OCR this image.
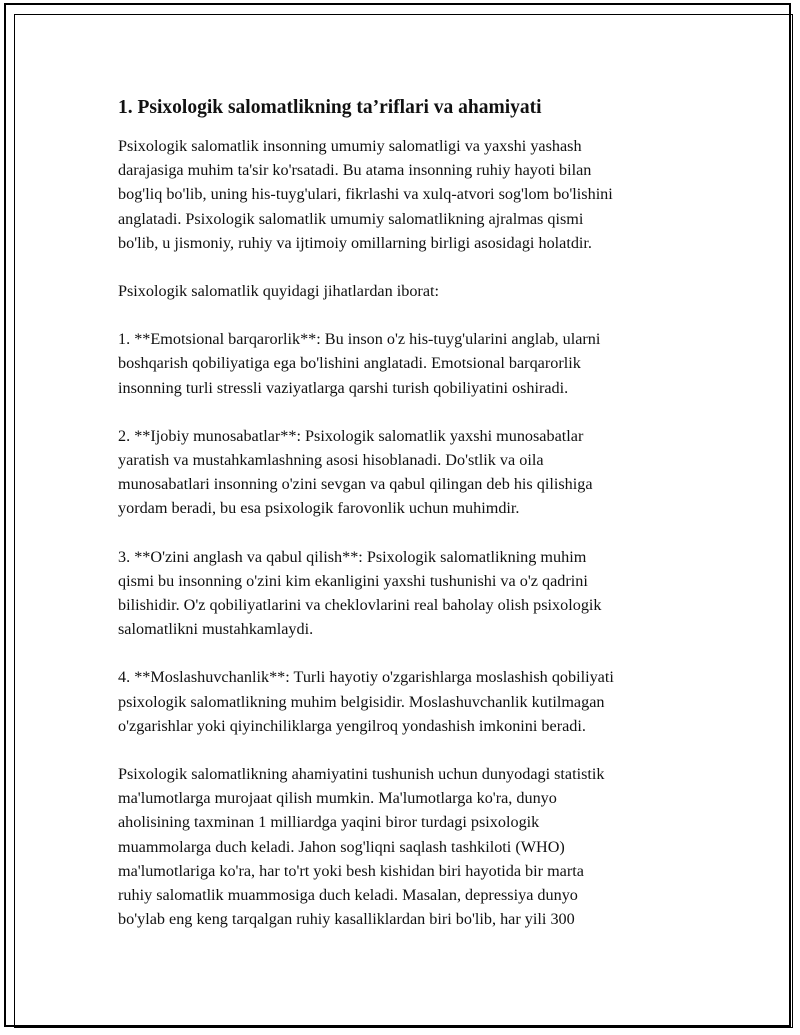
1. Psixologik salomatlikning ta’riflari va ahamiyati
Psixologik salomatlik insonning umumiy salomatligi va yaxshi yashash
darajasiga muhim ta'sir ko'rsatadi. Bu atama insonning ruhiy hayoti bilan
bog'liq bo'lib, uning his-tuyg'ulari, fikrlashi va xulq-atvori sog'lom bo'lishini
anglatadi. Psixologik salomatlik umumiy salomatlikning ajralmas qismi
bo'lib, u jismoniy, ruhiy va ijtimoiy omillarning birligi asosidagi holatdir.
Psixologik salomatlik quyidagi jihatlardan iborat:
1. **Emotsional barqarorlik**: Bu inson o'z his-tuyg'ularini anglab, ularni
boshqarish qobiliyatiga ega bo'lishini anglatadi. Emotsional barqarorlik
insonning turli stressli vaziyatlarga qarshi turish qobiliyatini oshiradi.
2. **Ijobiy munosabatlar**: Psixologik salomatlik yaxshi munosabatlar
yaratish va mustahkamlashning asosi hisoblanadi. Do'stlik va oila
munosabatlari insonning o'zini sevgan va qabul qilingan deb his qilishiga
yordam beradi, bu esa psixologik farovonlik uchun muhimdir.
3. **O'zini anglash va qabul qilish**: Psixologik salomatlikning muhim
qismi bu insonning o'zini kim ekanligini yaxshi tushunishi va o'z qadrini
bilishidir. O'z qobiliyatlarini va cheklovlarini real baholay olish psixologik
salomatlikni mustahkamlaydi.
4. **Moslashuvchanlik**: Turli hayotiy o'zgarishlarga moslashish qobiliyati
psixologik salomatlikning muhim belgisidir. Moslashuvchanlik kutilmagan
o'zgarishlar yoki qiyinchiliklarga yengilroq yondashish imkonini beradi.
Psixologik salomatlikning ahamiyatini tushunish uchun dunyodagi statistik
ma'lumotlarga murojaat qilish mumkin. Ma'lumotlarga ko'ra, dunyo
aholisining taxminan 1 milliardga yaqini biror turdagi psixologik
muammolarga duch keladi. Jahon sog'liqni saqlash tashkiloti (WHO)
ma'lumotlariga ko'ra, har to'rt yoki besh kishidan biri hayotida bir marta
ruhiy salomatlik muammosiga duch keladi. Masalan, depressiya dunyo
bo'ylab eng keng tarqalgan ruhiy kasalliklardan biri bo'lib, har yili 300
